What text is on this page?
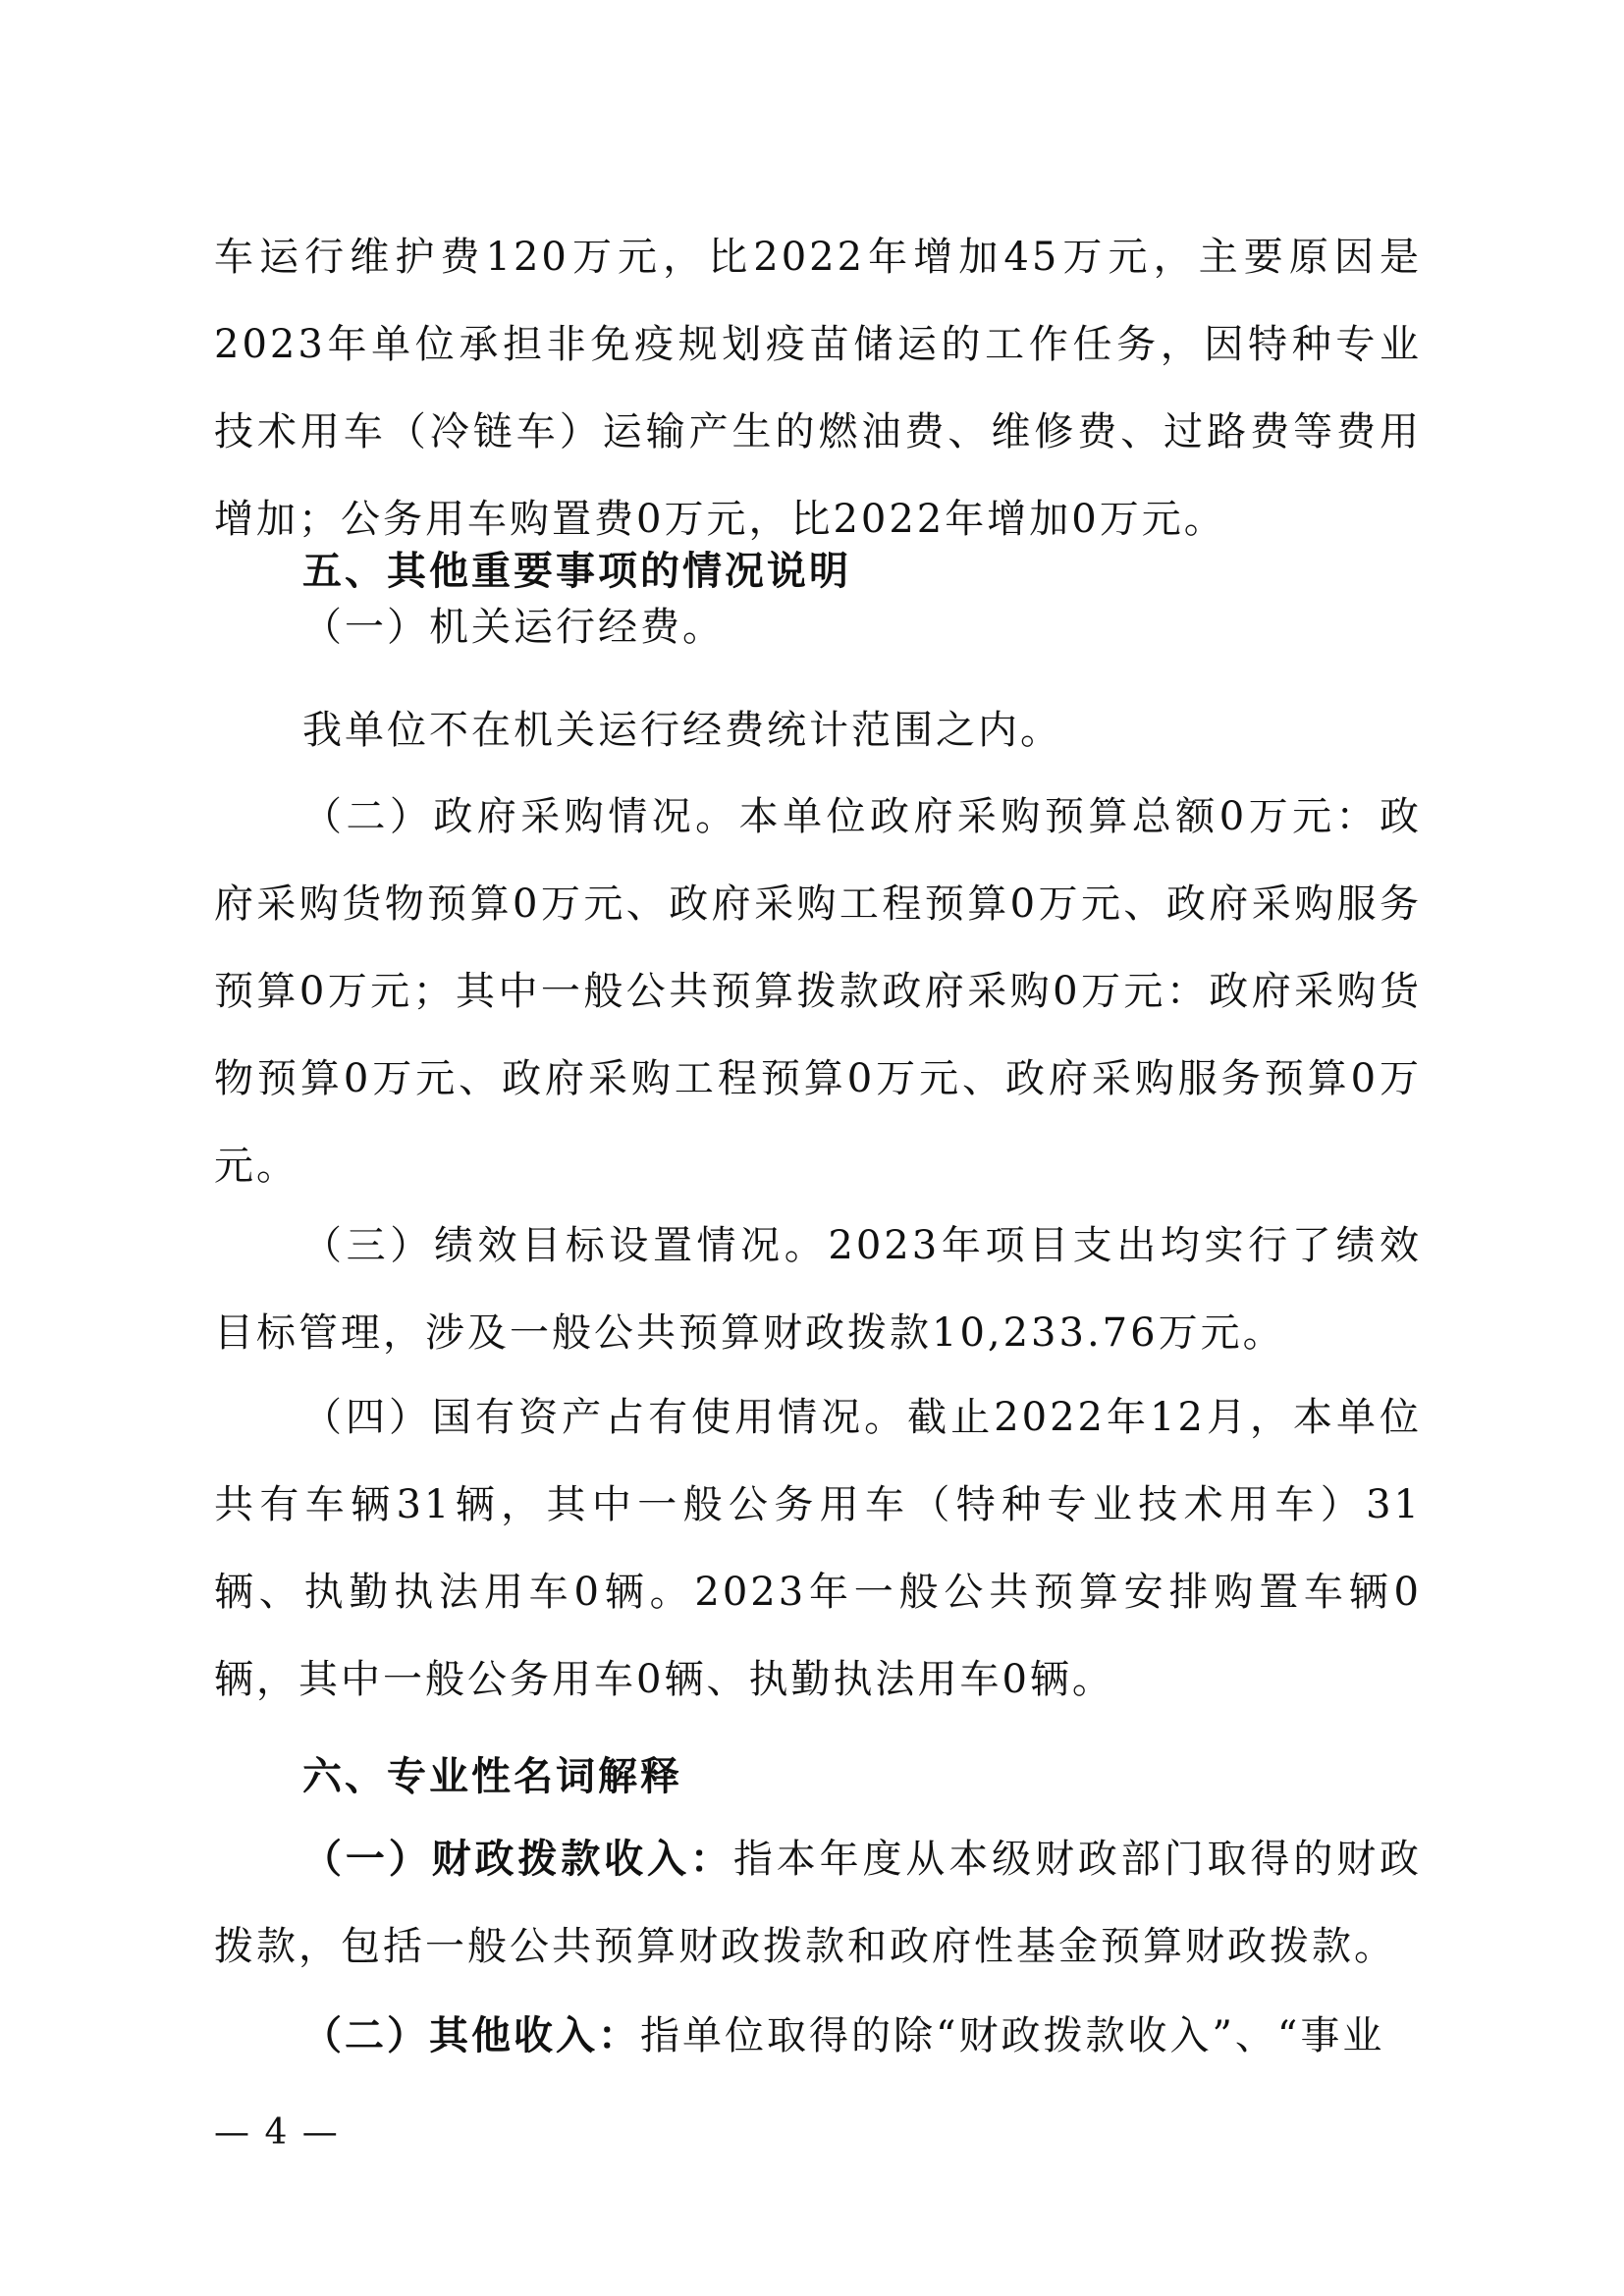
车运行维护费120万元，比2022年增加45万元，主要原因是2023年单位承担非免疫规划疫苗储运的工作任务，因特种专业技术用车（冷链车）运输产生的燃油费、维修费、过路费等费用增加；公务用车购置费0万元，比2022年增加0万元。

五、其他重要事项的情况说明

（一）机关运行经费。

我单位不在机关运行经费统计范围之内。

（二）政府采购情况。本单位政府采购预算总额0万元：政府采购货物预算0万元、政府采购工程预算0万元、政府采购服务预算0万元；其中一般公共预算拨款政府采购0万元：政府采购货物预算0万元、政府采购工程预算0万元、政府采购服务预算0万元。

（三）绩效目标设置情况。2023年项目支出均实行了绩效目标管理，涉及一般公共预算财政拨款10,233.76万元。

（四）国有资产占有使用情况。截止2022年12月，本单位共有车辆31辆，其中一般公务用车（特种专业技术用车）31辆、执勤执法用车0辆。2023年一般公共预算安排购置车辆0辆，其中一般公务用车0辆、执勤执法用车0辆。

六、专业性名词解释

（一）财政拨款收入：指本年度从本级财政部门取得的财政拨款，包括一般公共预算财政拨款和政府性基金预算财政拨款。

（二）其他收入：指单位取得的除“财政拨款收入”、“事业

— 4 —
